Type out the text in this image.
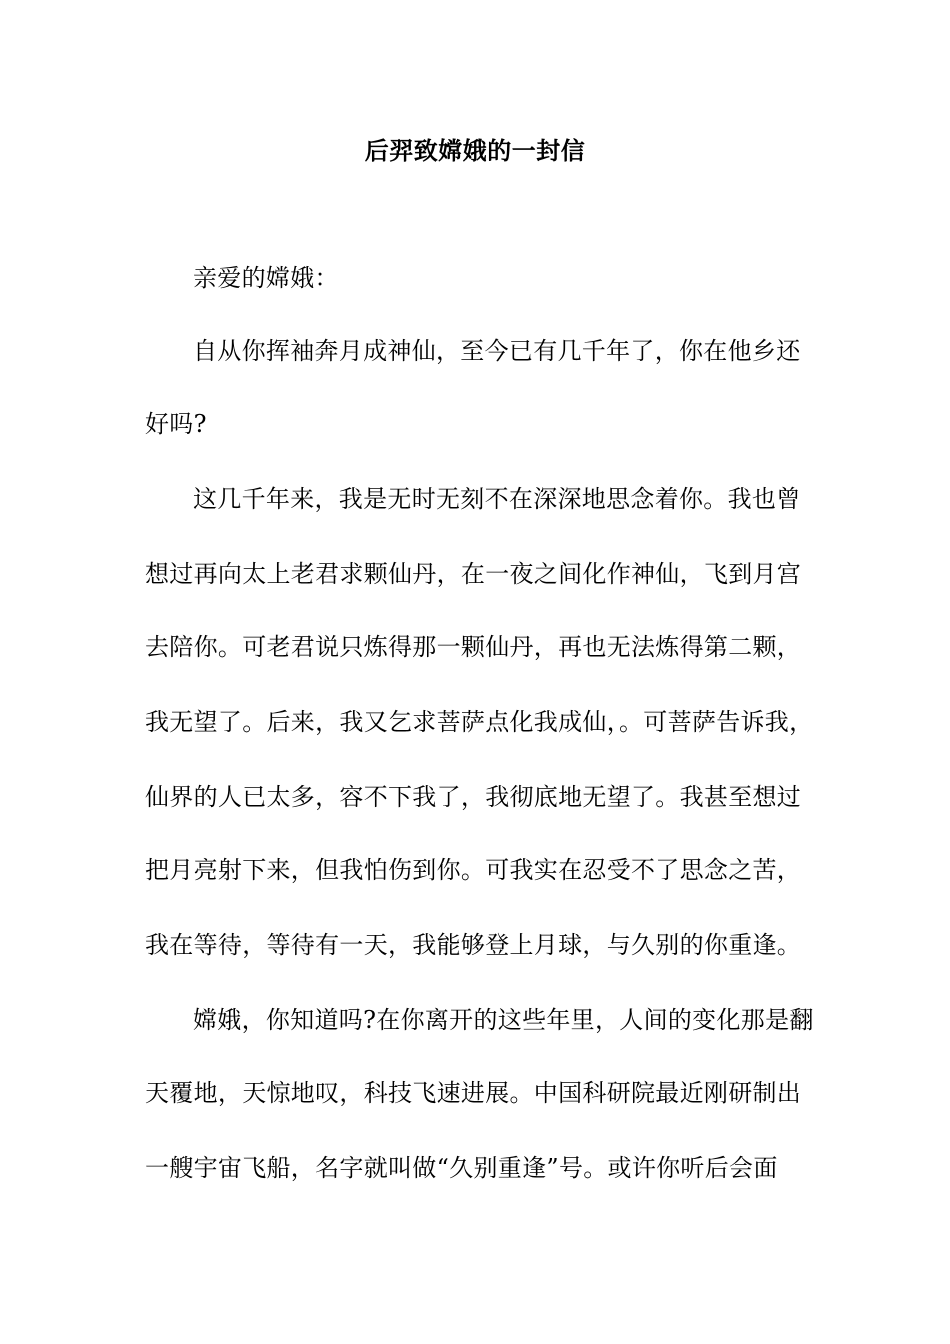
后羿致嫦娥的一封信
亲爱的嫦娥：
自从你挥袖奔月成神仙，至今已有几千年了，你在他乡还
好吗?
这几千年来，我是无时无刻不在深深地思念着你。我也曾
想过再向太上老君求颗仙丹，在一夜之间化作神仙，飞到月宫
去陪你。可老君说只炼得那一颗仙丹，再也无法炼得第二颗，
我无望了。后来，我又乞求菩萨点化我成仙，。可菩萨告诉我，
仙界的人已太多，容不下我了，我彻底地无望了。我甚至想过
把月亮射下来，但我怕伤到你。可我实在忍受不了思念之苦，
我在等待，等待有一天，我能够登上月球，与久别的你重逢。
嫦娥，你知道吗?在你离开的这些年里，人间的变化那是翻
天覆地，天惊地叹，科技飞速进展。中国科研院最近刚研制出
一艘宇宙飞船，名字就叫做“久别重逢”号。或许你听后会面
